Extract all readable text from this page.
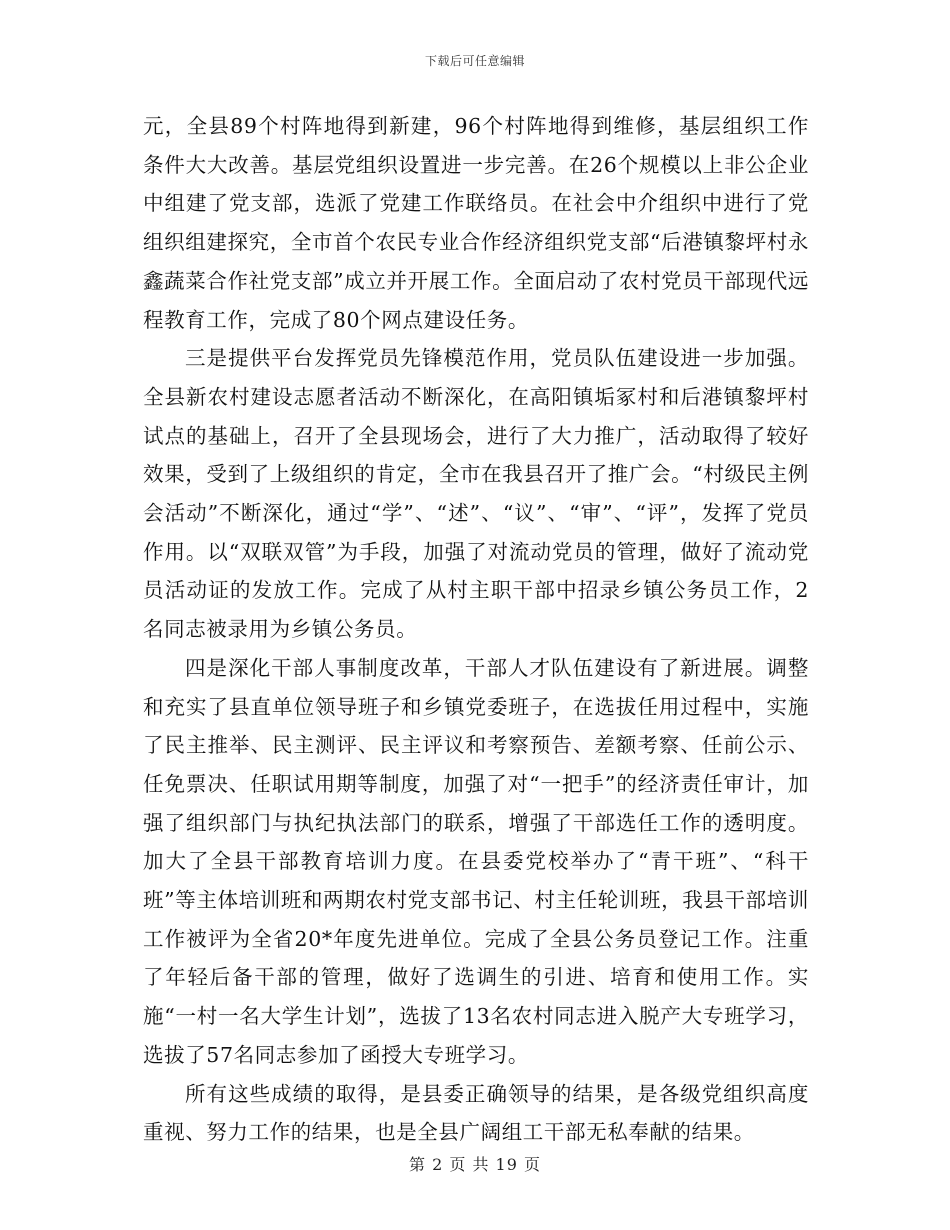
下载后可任意编辑

元，全县89个村阵地得到新建，96个村阵地得到维修，基层组织工作条件大大改善。基层党组织设置进一步完善。在26个规模以上非公企业中组建了党支部，选派了党建工作联络员。在社会中介组织中进行了党组织组建探究，全市首个农民专业合作经济组织党支部“后港镇黎坪村永鑫蔬菜合作社党支部”成立并开展工作。全面启动了农村党员干部现代远程教育工作，完成了80个网点建设任务。

三是提供平台发挥党员先锋模范作用，党员队伍建设进一步加强。全县新农村建设志愿者活动不断深化，在高阳镇垢冢村和后港镇黎坪村试点的基础上，召开了全县现场会，进行了大力推广，活动取得了较好效果，受到了上级组织的肯定，全市在我县召开了推广会。“村级民主例会活动”不断深化，通过“学”、“述”、“议”、“审”、“评”，发挥了党员作用。以“双联双管”为手段，加强了对流动党员的管理，做好了流动党员活动证的发放工作。完成了从村主职干部中招录乡镇公务员工作，2名同志被录用为乡镇公务员。

四是深化干部人事制度改革，干部人才队伍建设有了新进展。调整和充实了县直单位领导班子和乡镇党委班子，在选拔任用过程中，实施了民主推举、民主测评、民主评议和考察预告、差额考察、任前公示、任免票决、任职试用期等制度，加强了对“一把手”的经济责任审计，加强了组织部门与执纪执法部门的联系，增强了干部选任工作的透明度。加大了全县干部教育培训力度。在县委党校举办了“青干班”、“科干班”等主体培训班和两期农村党支部书记、村主任轮训班，我县干部培训工作被评为全省20*年度先进单位。完成了全县公务员登记工作。注重了年轻后备干部的管理，做好了选调生的引进、培育和使用工作。实施“一村一名大学生计划”，选拔了13名农村同志进入脱产大专班学习，选拔了57名同志参加了函授大专班学习。

所有这些成绩的取得，是县委正确领导的结果，是各级党组织高度重视、努力工作的结果，也是全县广阔组工干部无私奉献的结果。

第 2 页 共 19 页
